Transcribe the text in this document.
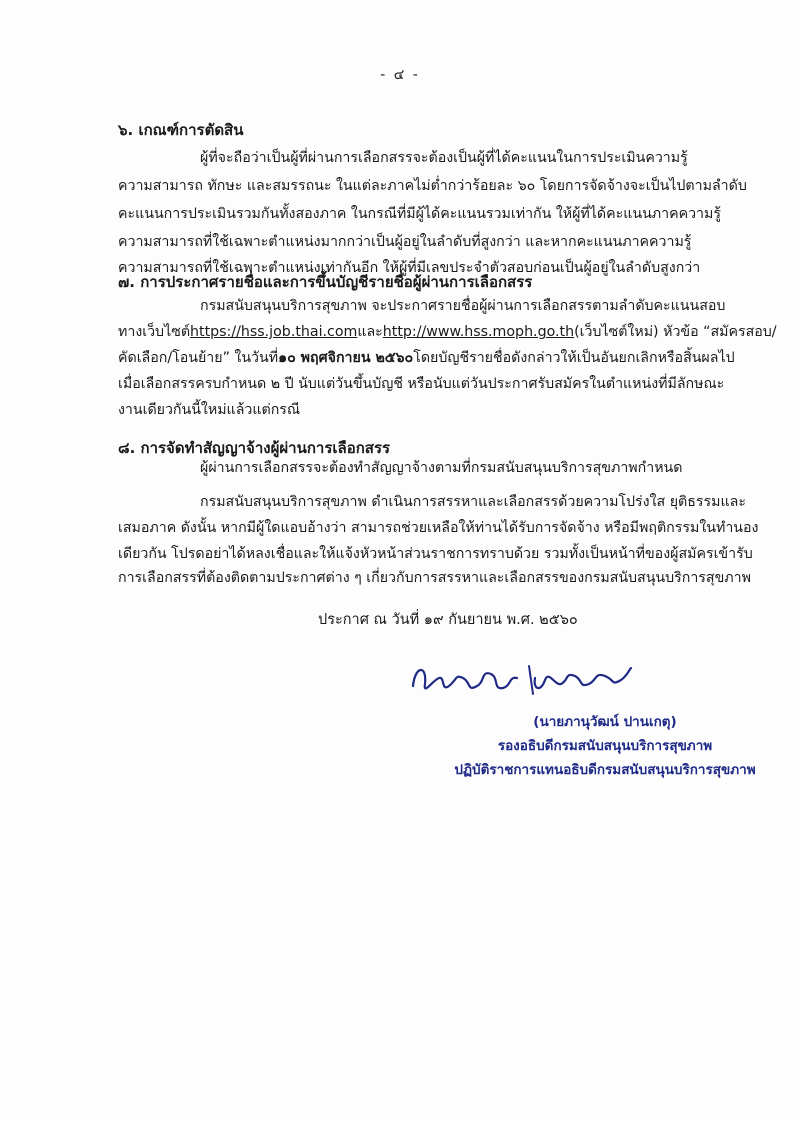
- ๔ -
๖. เกณฑ์การตัดสิน
ผู้ที่จะถือว่าเป็นผู้ที่ผ่านการเลือกสรรจะต้องเป็นผู้ที่ได้คะแนนในการประเมินความรู้
ความสามารถ ทักษะ และสมรรถนะ ในแต่ละภาคไม่ต่ำกว่าร้อยละ ๖๐ โดยการจัดจ้างจะเป็นไปตามลำดับ
คะแนนการประเมินรวมกันทั้งสองภาค ในกรณีที่มีผู้ได้คะแนนรวมเท่ากัน ให้ผู้ที่ได้คะแนนภาคความรู้
ความสามารถที่ใช้เฉพาะตำแหน่งมากกว่าเป็นผู้อยู่ในลำดับที่สูงกว่า และหากคะแนนภาคความรู้
ความสามารถที่ใช้เฉพาะตำแหน่งเท่ากันอีก ให้ผู้ที่มีเลขประจำตัวสอบก่อนเป็นผู้อยู่ในลำดับสูงกว่า
๗. การประกาศรายชื่อและการขึ้นบัญชีรายชื่อผู้ผ่านการเลือกสรร
กรมสนับสนุนบริการสุขภาพ จะประกาศรายชื่อผู้ผ่านการเลือกสรรตามลำดับคะแนนสอบ
ทางเว็บไซต์ https://hss.job.thai.com และ http://www.hss.moph.go.th (เว็บไซต์ใหม่) หัวข้อ “สมัครสอบ/
คัดเลือก/โอนย้าย” ในวันที่ ๑๐ พฤศจิกายน ๒๕๖๐ โดยบัญชีรายชื่อดังกล่าวให้เป็นอันยกเลิกหรือสิ้นผลไป
เมื่อเลือกสรรครบกำหนด ๒ ปี นับแต่วันขึ้นบัญชี หรือนับแต่วันประกาศรับสมัครในตำแหน่งที่มีลักษณะ
งานเดียวกันนี้ใหม่แล้วแต่กรณี
๘. การจัดทำสัญญาจ้างผู้ผ่านการเลือกสรร
ผู้ผ่านการเลือกสรรจะต้องทำสัญญาจ้างตามที่กรมสนับสนุนบริการสุขภาพกำหนด
กรมสนับสนุนบริการสุขภาพ ดำเนินการสรรหาและเลือกสรรด้วยความโปร่งใส ยุติธรรมและ
เสมอภาค ดังนั้น หากมีผู้ใดแอบอ้างว่า สามารถช่วยเหลือให้ท่านได้รับการจัดจ้าง หรือมีพฤติกรรมในทำนอง
เดียวกัน โปรดอย่าได้หลงเชื่อและให้แจ้งหัวหน้าส่วนราชการทราบด้วย รวมทั้งเป็นหน้าที่ของผู้สมัครเข้ารับ
การเลือกสรรที่ต้องติดตามประกาศต่าง ๆ เกี่ยวกับการสรรหาและเลือกสรรของกรมสนับสนุนบริการสุขภาพ
ประกาศ ณ วันที่ ๑๙ กันยายน พ.ศ. ๒๕๖๐
(นายภานุวัฒน์ ปานเกตุ)
รองอธิบดีกรมสนับสนุนบริการสุขภาพ
ปฏิบัติราชการแทนอธิบดีกรมสนับสนุนบริการสุขภาพ
